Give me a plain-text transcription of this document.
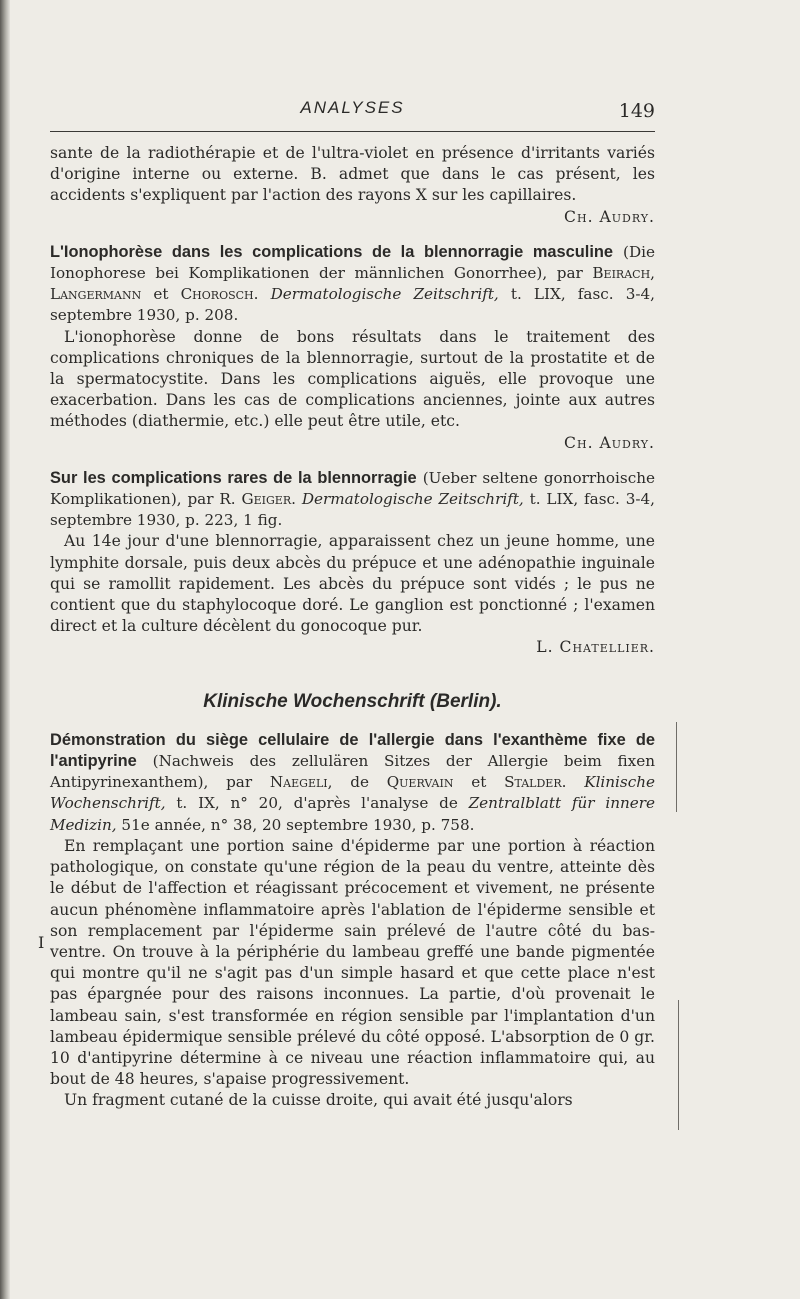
ANALYSES	149

sante de la radiothérapie et de l'ultra-violet en présence d'irritants variés d'origine interne ou externe. B. admet que dans le cas présent, les accidents s'expliquent par l'action des rayons X sur les capillaires.

Ch. Audry.

L'Ionophorèse dans les complications de la blennorragie masculine (Die Ionophorese bei Komplikationen der männlichen Gonorrhee), par Beirach, Langermann et Chorosch. Dermatologische Zeitschrift, t. LIX, fasc. 3-4, septembre 1930, p. 208.

L'ionophorèse donne de bons résultats dans le traitement des complications chroniques de la blennorragie, surtout de la prostatite et de la spermatocystite. Dans les complications aiguës, elle provoque une exacerbation. Dans les cas de complications anciennes, jointe aux autres méthodes (diathermie, etc.) elle peut être utile, etc.

Ch. Audry.

Sur les complications rares de la blennorragie (Ueber seltene gonorrhoische Komplikationen), par R. Geiger. Dermatologische Zeitschrift, t. LIX, fasc. 3-4, septembre 1930, p. 223, 1 fig.

Au 14e jour d'une blennorragie, apparaissent chez un jeune homme, une lymphite dorsale, puis deux abcès du prépuce et une adénopathie inguinale qui se ramollit rapidement. Les abcès du prépuce sont vidés ; le pus ne contient que du staphylocoque doré. Le ganglion est ponctionné ; l'examen direct et la culture décèlent du gonocoque pur.

L. Chatellier.

Klinische Wochenschrift (Berlin).

Démonstration du siège cellulaire de l'allergie dans l'exanthème fixe de l'antipyrine (Nachweis des zellulären Sitzes der Allergie beim fixen Antipyrinexanthem), par Naegeli, de Quervain et Stalder. Klinische Wochenschrift, t. IX, n° 20, d'après l'analyse de Zentralblatt für innere Medizin, 51e année, n° 38, 20 septembre 1930, p. 758.

En remplaçant une portion saine d'épiderme par une portion à réaction pathologique, on constate qu'une région de la peau du ventre, atteinte dès le début de l'affection et réagissant précocement et vivement, ne présente aucun phénomène inflammatoire après l'ablation de l'épiderme sensible et son remplacement par l'épiderme sain prélevé de l'autre côté du bas-ventre. On trouve à la périphérie du lambeau greffé une bande pigmentée qui montre qu'il ne s'agit pas d'un simple hasard et que cette place n'est pas épargnée pour des raisons inconnues. La partie, d'où provenait le lambeau sain, s'est transformée en région sensible par l'implantation d'un lambeau épidermique sensible prélevé du côté opposé. L'absorption de 0 gr. 10 d'antipyrine détermine à ce niveau une réaction inflammatoire qui, au bout de 48 heures, s'apaise progressivement.

Un fragment cutané de la cuisse droite, qui avait été jusqu'alors

I
